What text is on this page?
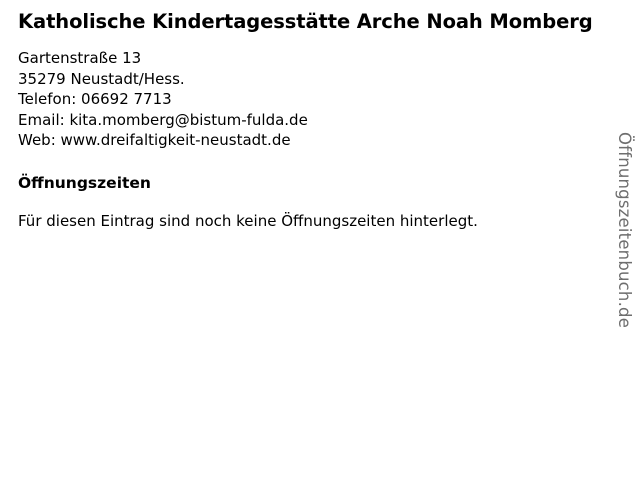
Katholische Kindertagesstätte Arche Noah Momberg
Gartenstraße 13
35279 Neustadt/Hess.
Telefon: 06692 7713
Email: kita.momberg@bistum-fulda.de
Web: www.dreifaltigkeit-neustadt.de
Öffnungszeiten

Für diesen Eintrag sind noch keine Öffnungszeiten hinterlegt.	Öffnungszeitenbuch.de
